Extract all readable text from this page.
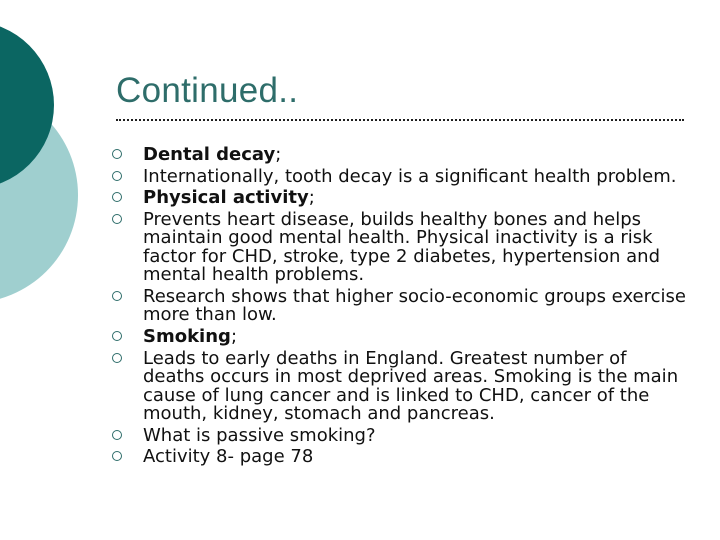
Continued..
Dental decay;
Internationally, tooth decay is a significant health problem.
Physical activity;
Prevents heart disease, builds healthy bones and helps maintain good mental health. Physical inactivity is a risk factor for CHD, stroke, type 2 diabetes, hypertension and mental health problems.
Research shows that higher socio-economic groups exercise more than low.
Smoking;
Leads to early deaths in England. Greatest number of deaths occurs in most deprived areas. Smoking is the main cause of lung cancer and is linked to CHD, cancer of the mouth, kidney, stomach and pancreas.
What is passive smoking?
Activity 8- page 78
